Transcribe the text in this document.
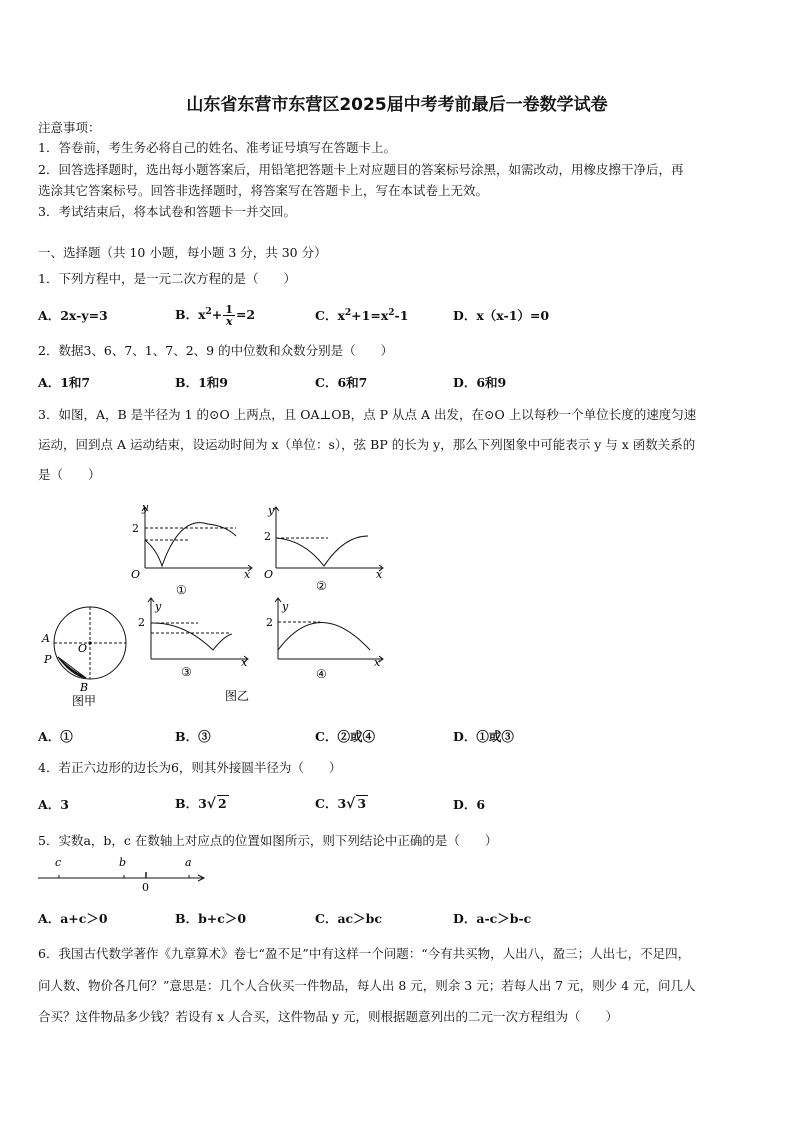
山东省东营市东营区2025届中考考前最后一卷数学试卷
注意事项：
1．答卷前，考生务必将自己的姓名、准考证号填写在答题卡上。
2．回答选择题时，选出每小题答案后，用铅笔把答题卡上对应题目的答案标号涂黑，如需改动，用橡皮擦干净后，再
选涂其它答案标号。回答非选择题时，将答案写在答题卡上，写在本试卷上无效。
3．考试结束后，将本试卷和答题卡一并交回。
一、选择题（共 10 小题，每小题 3 分，共 30 分）
1．下列方程中，是一元二次方程的是（　　）
A．2x-y=3	B．$x^2+ \frac{1}{x} =2$	C．$x^2+1=x^2-1$	D．x（x-1）=0
2．数据3、6、7、1、7、2、9 的中位数和众数分别是（　　）
A．1和7	B．1和9	C．6和7	D．6和9
3．如图，A，B 是半径为 1 的⊙O 上两点，且 OA⊥OB，点 P 从点 A 出发，在⊙O 上以每秒一个单位长度的速度匀速
运动，回到点 A 运动结束，设运动时间为 x（单位：s），弦 BP 的长为 y，那么下列图象中可能表示 y 与 x 函数关系的
是（　　）
y
2
O	x
①
y
2
O	x
②
A
P
O
B
图甲
y
2
x
③
图乙
y
2
x
④
A．①	B．③	C．②或④	D．①或③
4．若正六边形的边长为6，则其外接圆半径为（　　）
A．3	B．3√ 2	C．3√ 3	D．6
5．实数a，b，c 在数轴上对应点的位置如图所示，则下列结论中正确的是（　　）
c	b	a
0
A．a+c＞0	B．b+c＞0	C．ac＞bc	D．a-c＞b-c
6．我国古代数学著作《九章算术》卷七“盈不足”中有这样一个问题：“今有共买物，人出八，盈三；人出七，不足四，
问人数、物价各几何？”意思是：几个人合伙买一件物品，每人出 8 元，则余 3 元；若每人出 7 元，则少 4 元，问几人
合买？这件物品多少钱？若设有 x 人合买，这件物品 y 元，则根据题意列出的二元一次方程组为（　　）
